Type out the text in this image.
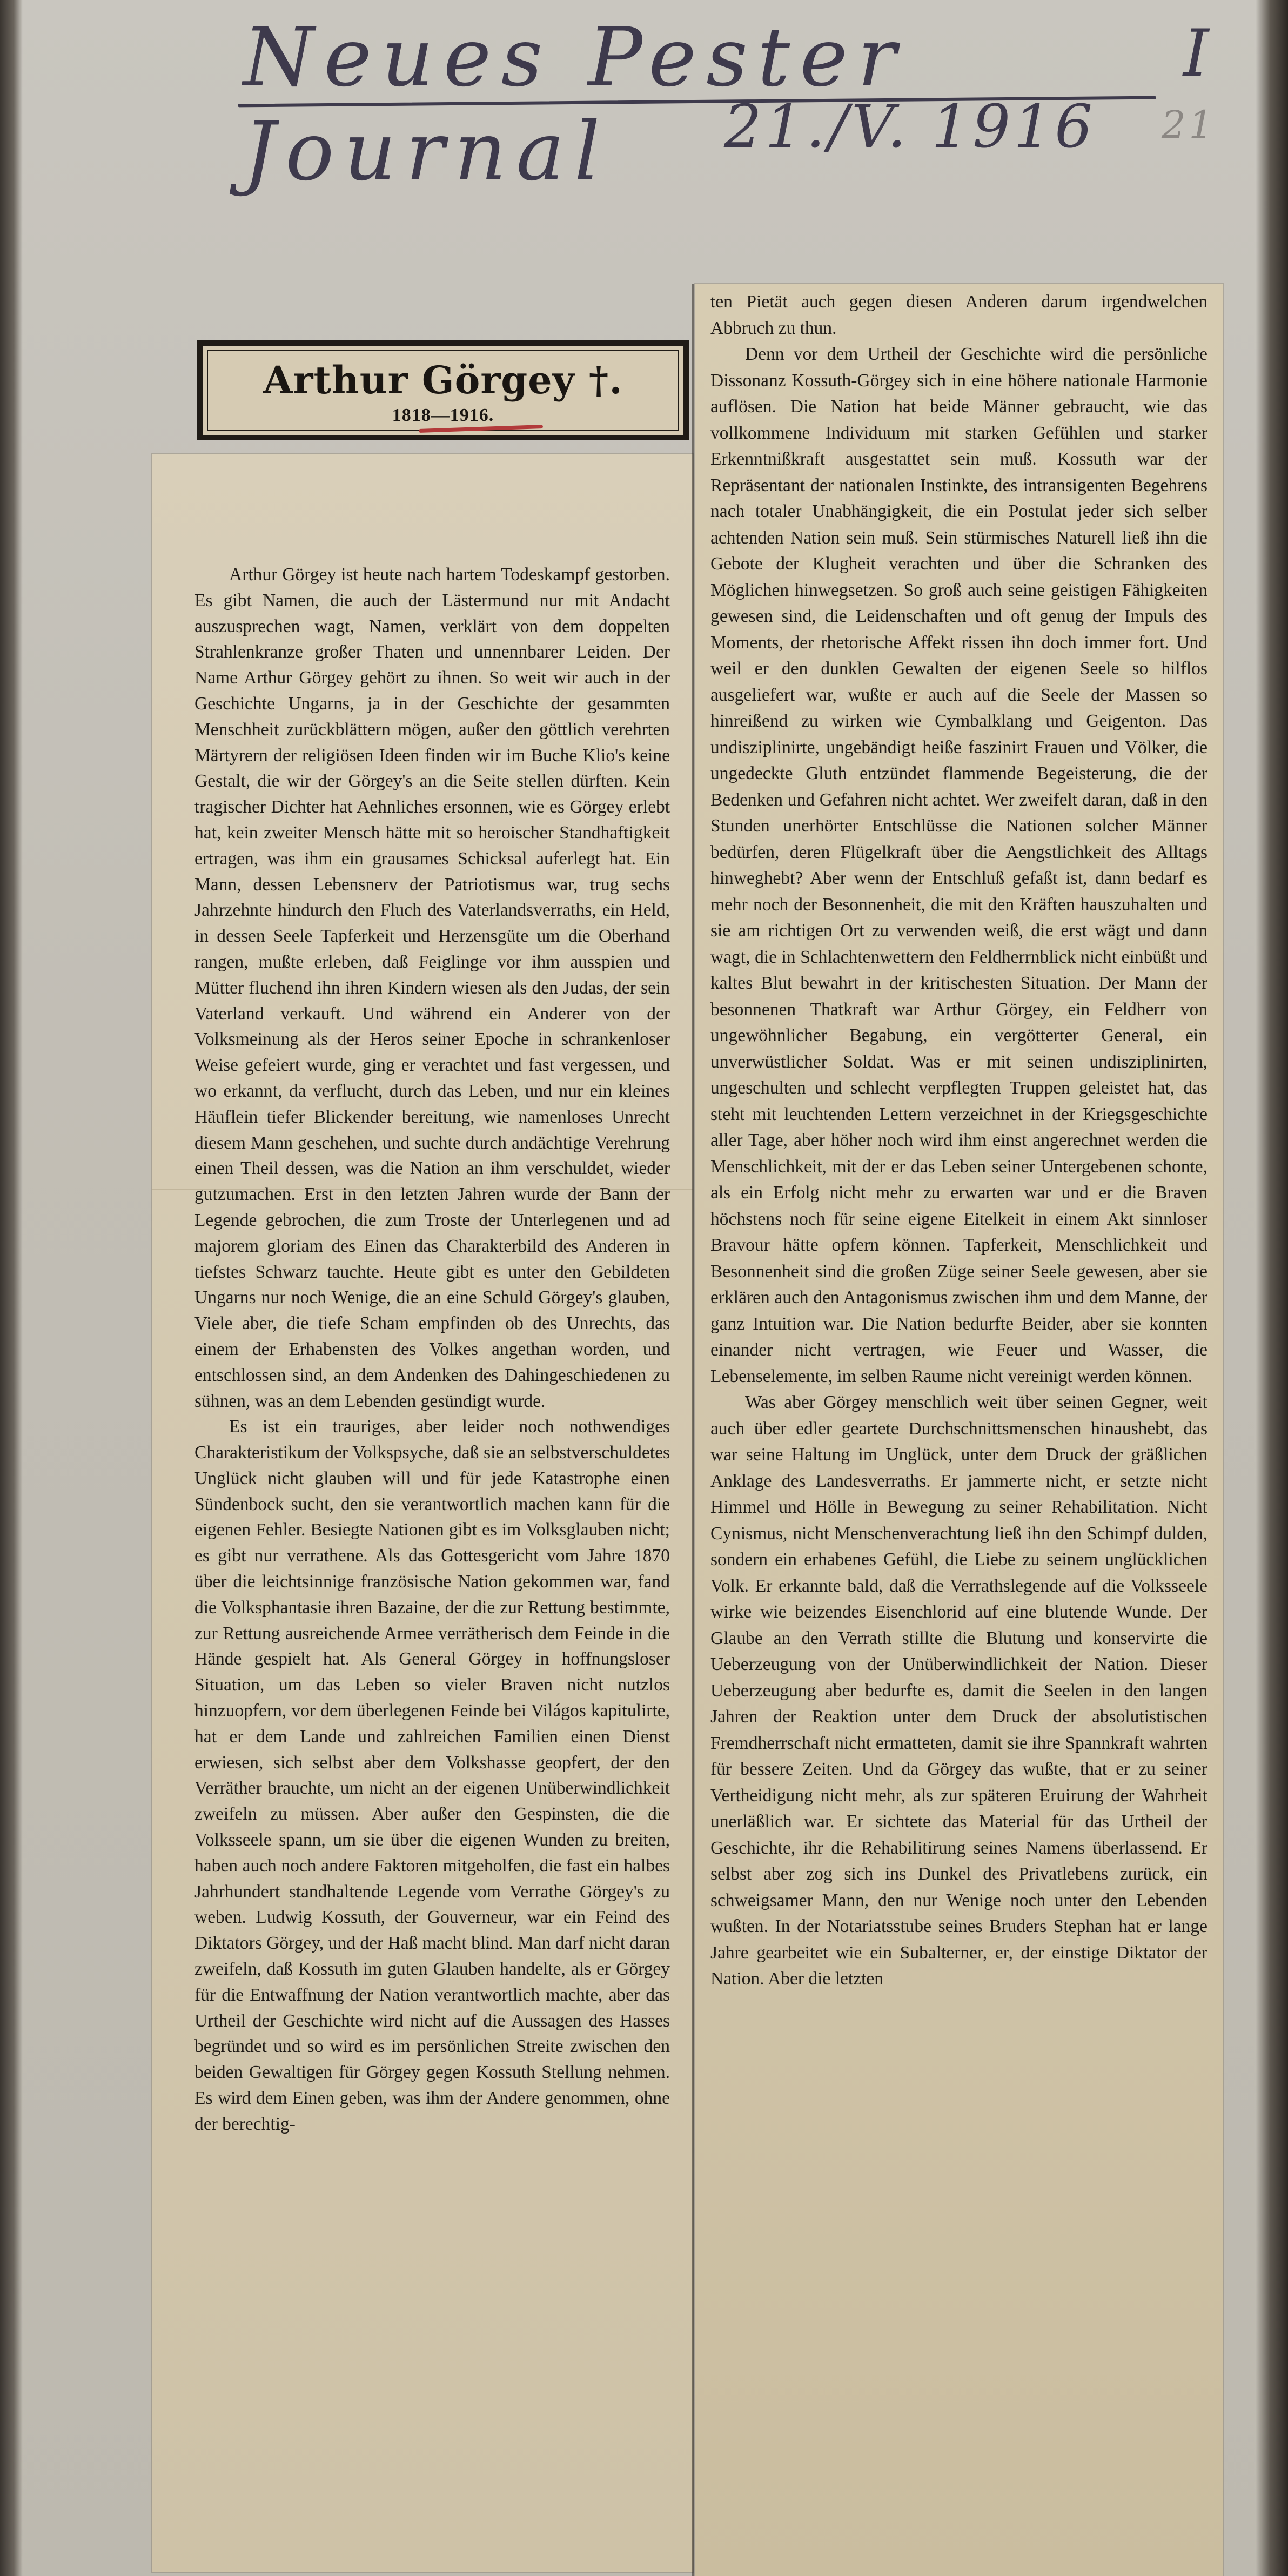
Neues Pester Journal
I
21./V. 1916 21
Arthur Görgey †.
1818—1916.

Arthur Görgey ist heute nach hartem Todeskampf gestorben. Es gibt Namen, die auch der Lästermund nur mit Andacht auszusprechen wagt, Namen, verklärt von dem doppelten Strahlenkranze großer Thaten und unnennbarer Leiden. Der Name Arthur Görgey gehört zu ihnen. So weit wir auch in der Geschichte Ungarns, ja in der Geschichte der gesammten Menschheit zurückblättern mögen, außer den göttlich verehrten Märtyrern der religiösen Ideen finden wir im Buche Klio's keine Gestalt, die wir der Görgey's an die Seite stellen dürften. Kein tragischer Dichter hat Aehnliches ersonnen, wie es Görgey erlebt hat, kein zweiter Mensch hätte mit so heroischer Standhaftigkeit ertragen, was ihm ein grausames Schicksal auferlegt hat. Ein Mann, dessen Lebensnerv der Patriotismus war, trug sechs Jahrzehnte hindurch den Fluch des Vaterlandsverraths, ein Held, in dessen Seele Tapferkeit und Herzensgüte um die Oberhand rangen, mußte erleben, daß Feiglinge vor ihm ausspien und Mütter fluchend ihn ihren Kindern wiesen als den Judas, der sein Vaterland verkauft. Und während ein Anderer von der Volksmeinung als der Heros seiner Epoche in schrankenloser Weise gefeiert wurde, ging er verachtet und fast vergessen, und wo erkannt, da verflucht, durch das Leben, und nur ein kleines Häuflein tiefer Blickender bereitung, wie namenloses Unrecht diesem Mann geschehen, und suchte durch andächtige Verehrung einen Theil dessen, was die Nation an ihm verschuldet, wieder gutzumachen. Erst in den letzten Jahren wurde der Bann der Legende gebrochen, die zum Troste der Unterlegenen und ad majorem gloriam des Einen das Charakterbild des Anderen in tiefstes Schwarz tauchte. Heute gibt es unter den Gebildeten Ungarns nur noch Wenige, die an eine Schuld Görgey's glauben, Viele aber, die tiefe Scham empfinden ob des Unrechts, das einem der Erhabensten des Volkes angethan worden, und entschlossen sind, an dem Andenken des Dahingeschiedenen zu sühnen, was an dem Lebenden gesündigt wurde.

Es ist ein trauriges, aber leider noch nothwendiges Charakteristikum der Volkspsyche, daß sie an selbstverschuldetes Unglück nicht glauben will und für jede Katastrophe einen Sündenbock sucht, den sie verantwortlich machen kann für die eigenen Fehler. Besiegte Nationen gibt es im Volksglauben nicht; es gibt nur verrathene. Als das Gottesgericht vom Jahre 1870 über die leichtsinnige französische Nation gekommen war, fand die Volksphantasie ihren Bazaine, der die zur Rettung bestimmte, zur Rettung ausreichende Armee verrätherisch dem Feinde in die Hände gespielt hat. Als General Görgey in hoffnungsloser Situation, um das Leben so vieler Braven nicht nutzlos hinzuopfern, vor dem überlegenen Feinde bei Világos kapitulirte, hat er dem Lande und zahlreichen Familien einen Dienst erwiesen, sich selbst aber dem Volkshasse geopfert, der den Verräther brauchte, um nicht an der eigenen Unüberwindlichkeit zweifeln zu müssen. Aber außer den Gespinsten, die die Volksseele spann, um sie über die eigenen Wunden zu breiten, haben auch noch andere Faktoren mitgeholfen, die fast ein halbes Jahrhundert standhaltende Legende vom Verrathe Görgey's zu weben. Ludwig Kossuth, der Gouverneur, war ein Feind des Diktators Görgey, und der Haß macht blind. Man darf nicht daran zweifeln, daß Kossuth im guten Glauben handelte, als er Görgey für die Entwaffnung der Nation verantwortlich machte, aber das Urtheil der Geschichte wird nicht auf die Aussagen des Hasses begründet und so wird es im persönlichen Streite zwischen den beiden Gewaltigen für Görgey gegen Kossuth Stellung nehmen. Es wird dem Einen geben, was ihm der Andere genommen, ohne der berechtig-

ten Pietät auch gegen diesen Anderen darum irgendwelchen Abbruch zu thun.

Denn vor dem Urtheil der Geschichte wird die persönliche Dissonanz Kossuth-Görgey sich in eine höhere nationale Harmonie auflösen. Die Nation hat beide Männer gebraucht, wie das vollkommene Individuum mit starken Gefühlen und starker Erkenntnißkraft ausgestattet sein muß. Kossuth war der Repräsentant der nationalen Instinkte, des intransigenten Begehrens nach totaler Unabhängigkeit, die ein Postulat jeder sich selber achtenden Nation sein muß. Sein stürmisches Naturell ließ ihn die Gebote der Klugheit verachten und über die Schranken des Möglichen hinwegsetzen. So groß auch seine geistigen Fähigkeiten gewesen sind, die Leidenschaften und oft genug der Impuls des Moments, der rhetorische Affekt rissen ihn doch immer fort. Und weil er den dunklen Gewalten der eigenen Seele so hilflos ausgeliefert war, wußte er auch auf die Seele der Massen so hinreißend zu wirken wie Cymbalklang und Geigenton. Das undisziplinirte, ungebändigt heiße faszinirt Frauen und Völker, die ungedeckte Gluth entzündet flammende Begeisterung, die der Bedenken und Gefahren nicht achtet. Wer zweifelt daran, daß in den Stunden unerhörter Entschlüsse die Nationen solcher Männer bedürfen, deren Flügelkraft über die Aengstlichkeit des Alltags hinweghebt? Aber wenn der Entschluß gefaßt ist, dann bedarf es mehr noch der Besonnenheit, die mit den Kräften hauszuhalten und sie am richtigen Ort zu verwenden weiß, die erst wägt und dann wagt, die in Schlachtenwettern den Feldherrnblick nicht einbüßt und kaltes Blut bewahrt in der kritischesten Situation. Der Mann der besonnenen Thatkraft war Arthur Görgey, ein Feldherr von ungewöhnlicher Begabung, ein vergötterter General, ein unverwüstlicher Soldat. Was er mit seinen undisziplinirten, ungeschulten und schlecht verpflegten Truppen geleistet hat, das steht mit leuchtenden Lettern verzeichnet in der Kriegsgeschichte aller Tage, aber höher noch wird ihm einst angerechnet werden die Menschlichkeit, mit der er das Leben seiner Untergebenen schonte, als ein Erfolg nicht mehr zu erwarten war und er die Braven höchstens noch für seine eigene Eitelkeit in einem Akt sinnloser Bravour hätte opfern können. Tapferkeit, Menschlichkeit und Besonnenheit sind die großen Züge seiner Seele gewesen, aber sie erklären auch den Antagonismus zwischen ihm und dem Manne, der ganz Intuition war. Die Nation bedurfte Beider, aber sie konnten einander nicht vertragen, wie Feuer und Wasser, die Lebenselemente, im selben Raume nicht vereinigt werden können.

Was aber Görgey menschlich weit über seinen Gegner, weit auch über edler geartete Durchschnittsmenschen hinaushebt, das war seine Haltung im Unglück, unter dem Druck der gräßlichen Anklage des Landesverraths. Er jammerte nicht, er setzte nicht Himmel und Hölle in Bewegung zu seiner Rehabilitation. Nicht Cynismus, nicht Menschenverachtung ließ ihn den Schimpf dulden, sondern ein erhabenes Gefühl, die Liebe zu seinem unglücklichen Volk. Er erkannte bald, daß die Verrathslegende auf die Volksseele wirke wie beizendes Eisenchlorid auf eine blutende Wunde. Der Glaube an den Verrath stillte die Blutung und konservirte die Ueberzeugung von der Unüberwindlichkeit der Nation. Dieser Ueberzeugung aber bedurfte es, damit die Seelen in den langen Jahren der Reaktion unter dem Druck der absolutistischen Fremdherrschaft nicht ermatteten, damit sie ihre Spannkraft wahrten für bessere Zeiten. Und da Görgey das wußte, that er zu seiner Vertheidigung nicht mehr, als zur späteren Eruirung der Wahrheit unerläßlich war. Er sichtete das Material für das Urtheil der Geschichte, ihr die Rehabilitirung seines Namens überlassend. Er selbst aber zog sich ins Dunkel des Privatlebens zurück, ein schweigsamer Mann, den nur Wenige noch unter den Lebenden wußten. In der Notariatsstube seines Bruders Stephan hat er lange Jahre gearbeitet wie ein Subalterner, er, der einstige Diktator der Nation. Aber die letzten
